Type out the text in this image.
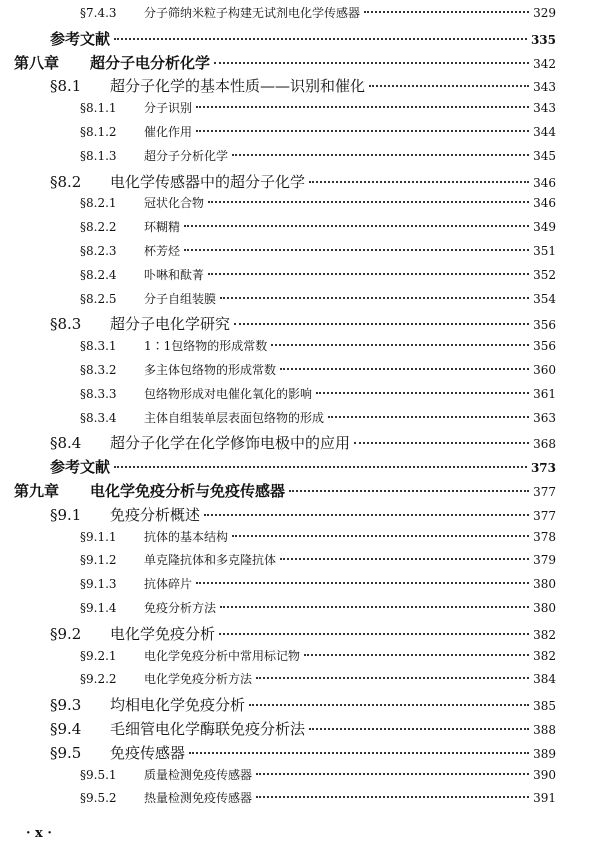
§7.4.3	分子筛纳米粒子构建无试剂电化学传感器	329
参考文献	335
第八章	超分子电分析化学	342
§8.1	超分子化学的基本性质——识别和催化	343
§8.1.1	分子识别	343
§8.1.2	催化作用	344
§8.1.3	超分子分析化学	345
§8.2	电化学传感器中的超分子化学	346
§8.2.1	冠状化合物	346
§8.2.2	环糊精	349
§8.2.3	杯芳烃	351
§8.2.4	卟啉和酞菁	352
§8.2.5	分子自组装膜	354
§8.3	超分子电化学研究	356
§8.3.1	1∶1包络物的形成常数	356
§8.3.2	多主体包络物的形成常数	360
§8.3.3	包络物形成对电催化氧化的影响	361
§8.3.4	主体自组装单层表面包络物的形成	363
§8.4	超分子化学在化学修饰电极中的应用	368
参考文献	373
第九章	电化学免疫分析与免疫传感器	377
§9.1	免疫分析概述	377
§9.1.1	抗体的基本结构	378
§9.1.2	单克隆抗体和多克隆抗体	379
§9.1.3	抗体碎片	380
§9.1.4	免疫分析方法	380
§9.2	电化学免疫分析	382
§9.2.1	电化学免疫分析中常用标记物	382
§9.2.2	电化学免疫分析方法	384
§9.3	均相电化学免疫分析	385
§9.4	毛细管电化学酶联免疫分析法	388
§9.5	免疫传感器	389
§9.5.1	质量检测免疫传感器	390
§9.5.2	热量检测免疫传感器	391
· x ·
